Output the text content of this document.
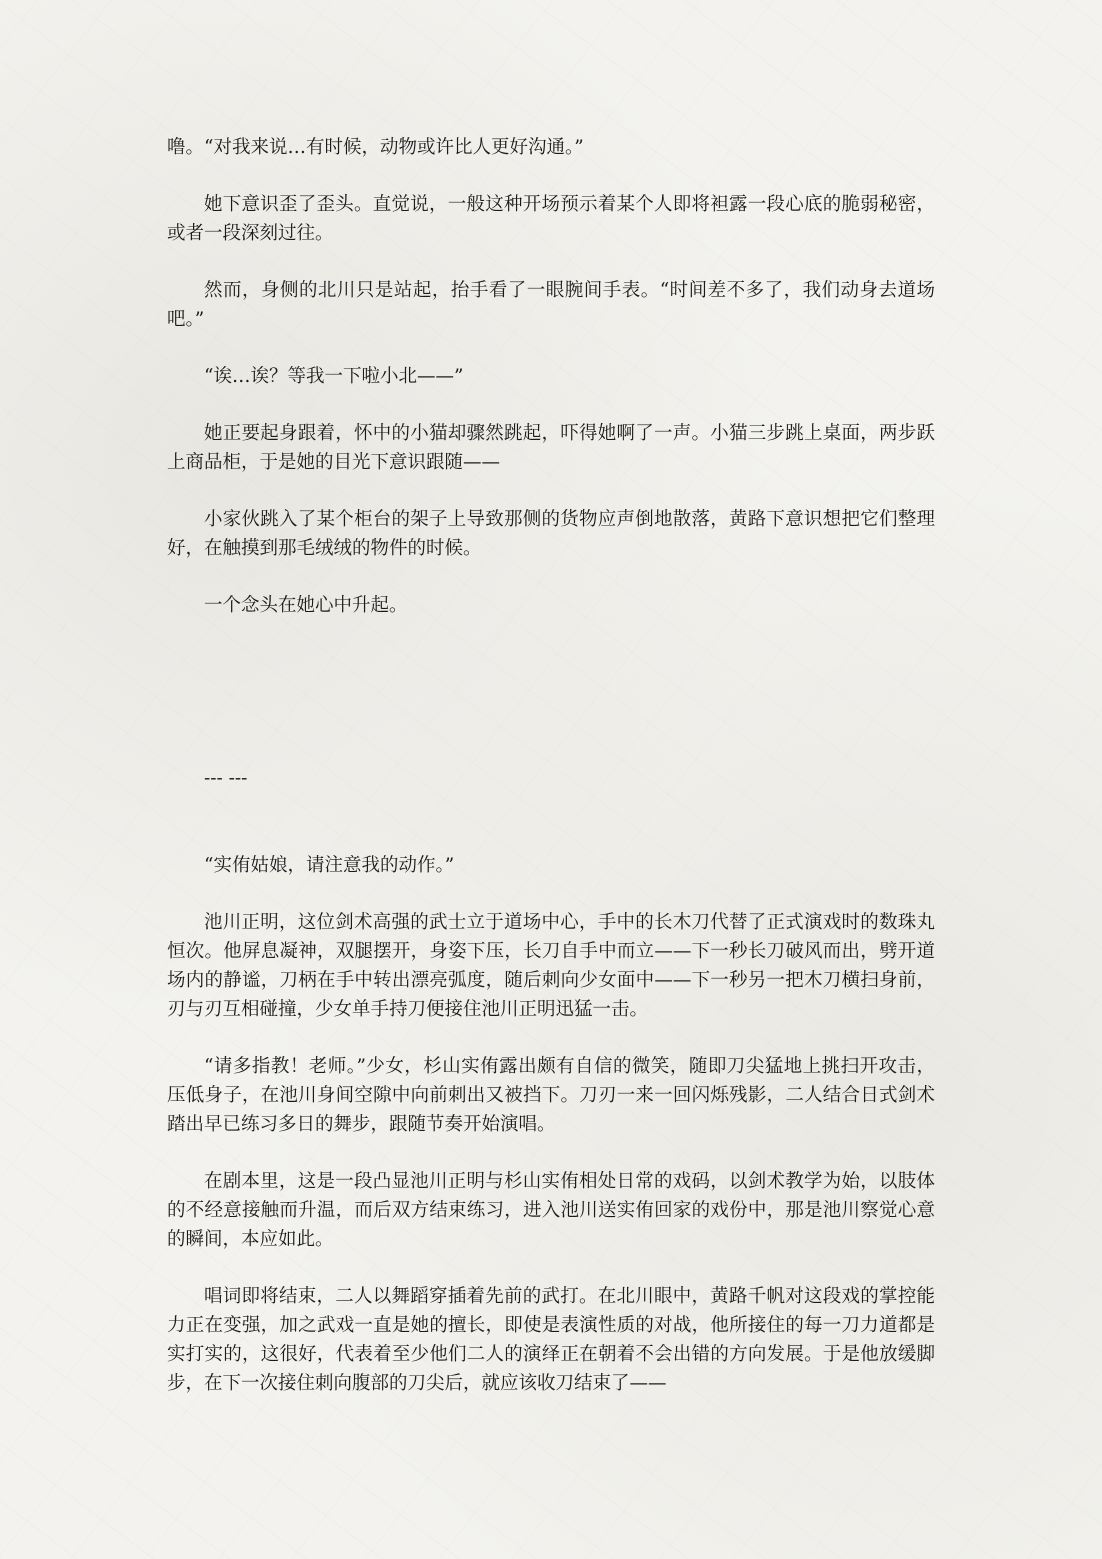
噜。“对我来说…有时候，动物或许比人更好沟通。”

她下意识歪了歪头。直觉说，一般这种开场预示着某个人即将袒露一段心底的脆弱秘密，或者一段深刻过往。

然而，身侧的北川只是站起，抬手看了一眼腕间手表。“时间差不多了，我们动身去道场吧。”

“诶…诶？等我一下啦小北——”

她正要起身跟着，怀中的小猫却骤然跳起，吓得她啊了一声。小猫三步跳上桌面，两步跃上商品柜，于是她的目光下意识跟随——

小家伙跳入了某个柜台的架子上导致那侧的货物应声倒地散落，黄路下意识想把它们整理好，在触摸到那毛绒绒的物件的时候。

一个念头在她心中升起。

--- ---

“实侑姑娘，请注意我的动作。”

池川正明，这位剑术高强的武士立于道场中心，手中的长木刀代替了正式演戏时的数珠丸恒次。他屏息凝神，双腿摆开，身姿下压，长刀自手中而立——下一秒长刀破风而出，劈开道场内的静谧，刀柄在手中转出漂亮弧度，随后刺向少女面中——下一秒另一把木刀横扫身前，刃与刃互相碰撞，少女单手持刀便接住池川正明迅猛一击。

“请多指教！老师。”少女，杉山实侑露出颇有自信的微笑，随即刀尖猛地上挑扫开攻击，压低身子，在池川身间空隙中向前刺出又被挡下。刀刃一来一回闪烁残影，二人结合日式剑术踏出早已练习多日的舞步，跟随节奏开始演唱。

在剧本里，这是一段凸显池川正明与杉山实侑相处日常的戏码，以剑术教学为始，以肢体的不经意接触而升温，而后双方结束练习，进入池川送实侑回家的戏份中，那是池川察觉心意的瞬间，本应如此。

唱词即将结束，二人以舞蹈穿插着先前的武打。在北川眼中，黄路千帆对这段戏的掌控能力正在变强，加之武戏一直是她的擅长，即使是表演性质的对战，他所接住的每一刀力道都是实打实的，这很好，代表着至少他们二人的演绎正在朝着不会出错的方向发展。于是他放缓脚步，在下一次接住刺向腹部的刀尖后，就应该收刀结束了——
